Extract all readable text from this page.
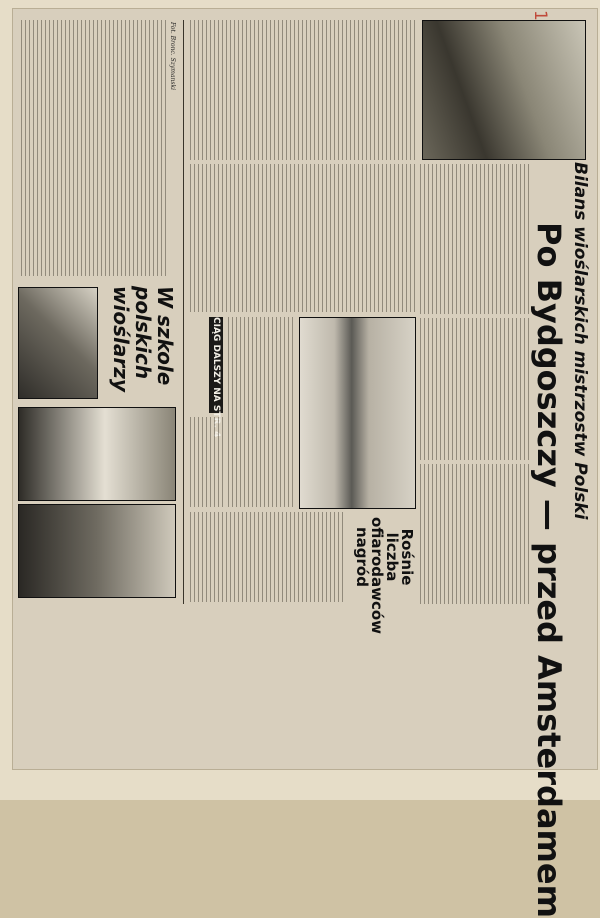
Bilans wioślarskich mistrzostw Polski
Po Bydgoszczy — przed Amsterdamem
Rośnie liczba ofiarodawców nagród
CIĄG DALSZY NA STR. 4
W szkole polskich wioślarzy
Fot. Bronc. Szymanski
